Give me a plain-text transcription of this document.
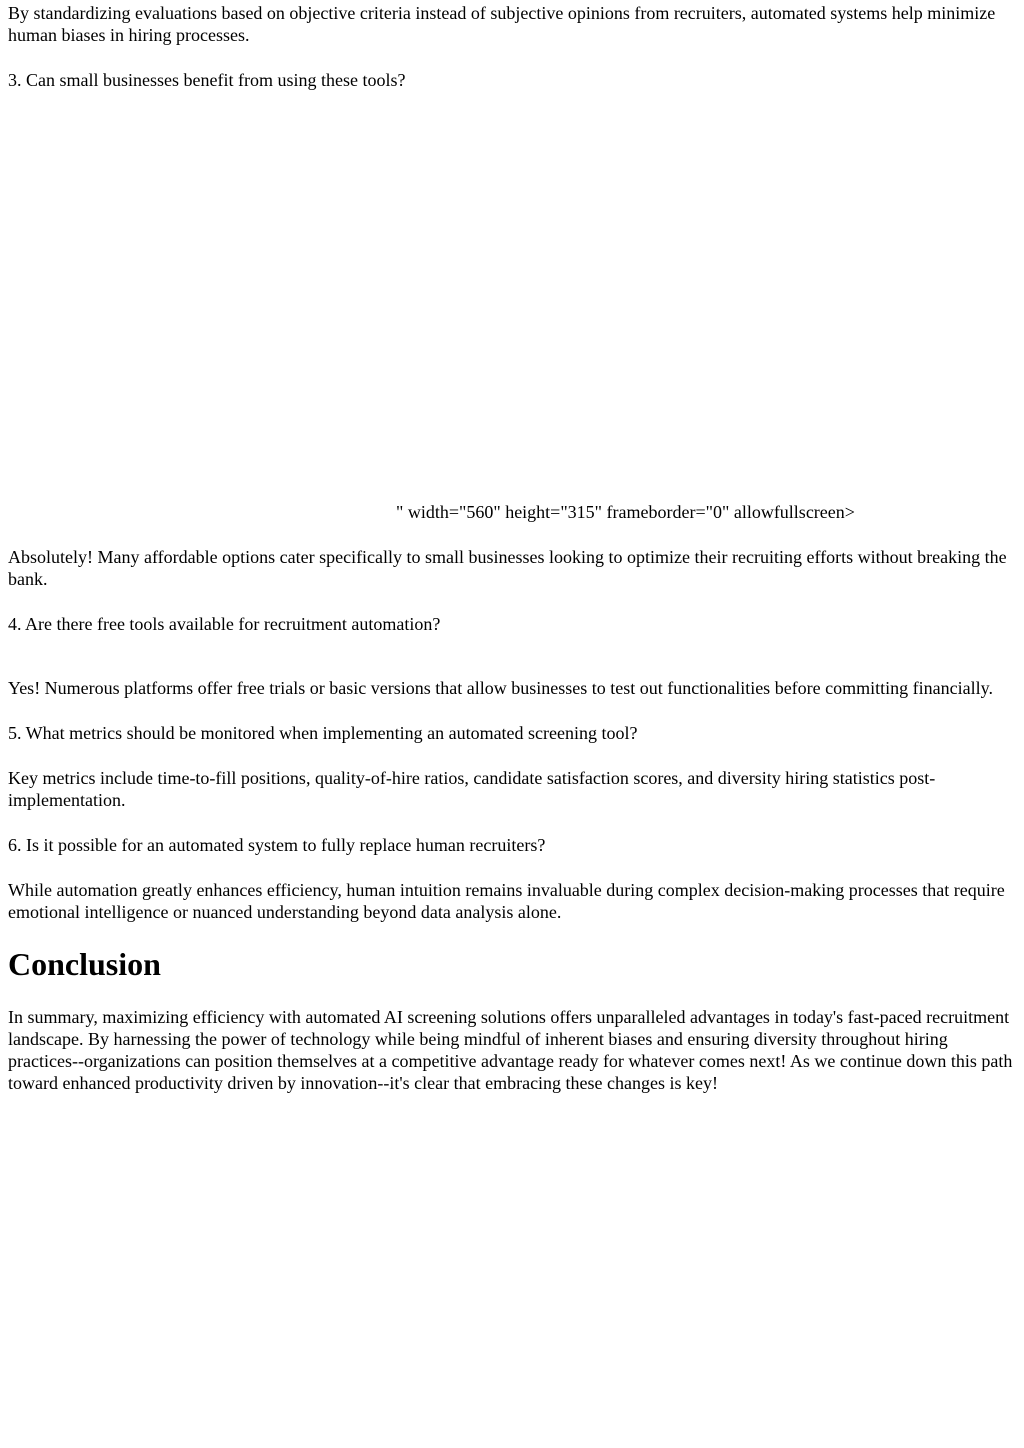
By standardizing evaluations based on objective criteria instead of subjective opinions from recruiters, automated systems help minimize human biases in hiring processes.

3. Can small businesses benefit from using these tools?

" width="560" height="315" frameborder="0" allowfullscreen>

Absolutely! Many affordable options cater specifically to small businesses looking to optimize their recruiting efforts without breaking the bank.

4. Are there free tools available for recruitment automation?

Yes! Numerous platforms offer free trials or basic versions that allow businesses to test out functionalities before committing financially.

5. What metrics should be monitored when implementing an automated screening tool?

Key metrics include time-to-fill positions, quality-of-hire ratios, candidate satisfaction scores, and diversity hiring statistics post-implementation.

6. Is it possible for an automated system to fully replace human recruiters?

While automation greatly enhances efficiency, human intuition remains invaluable during complex decision-making processes that require emotional intelligence or nuanced understanding beyond data analysis alone.

Conclusion

In summary, maximizing efficiency with automated AI screening solutions offers unparalleled advantages in today's fast-paced recruitment landscape. By harnessing the power of technology while being mindful of inherent biases and ensuring diversity throughout hiring practices--organizations can position themselves at a competitive advantage ready for whatever comes next! As we continue down this path toward enhanced productivity driven by innovation--it's clear that embracing these changes is key!
